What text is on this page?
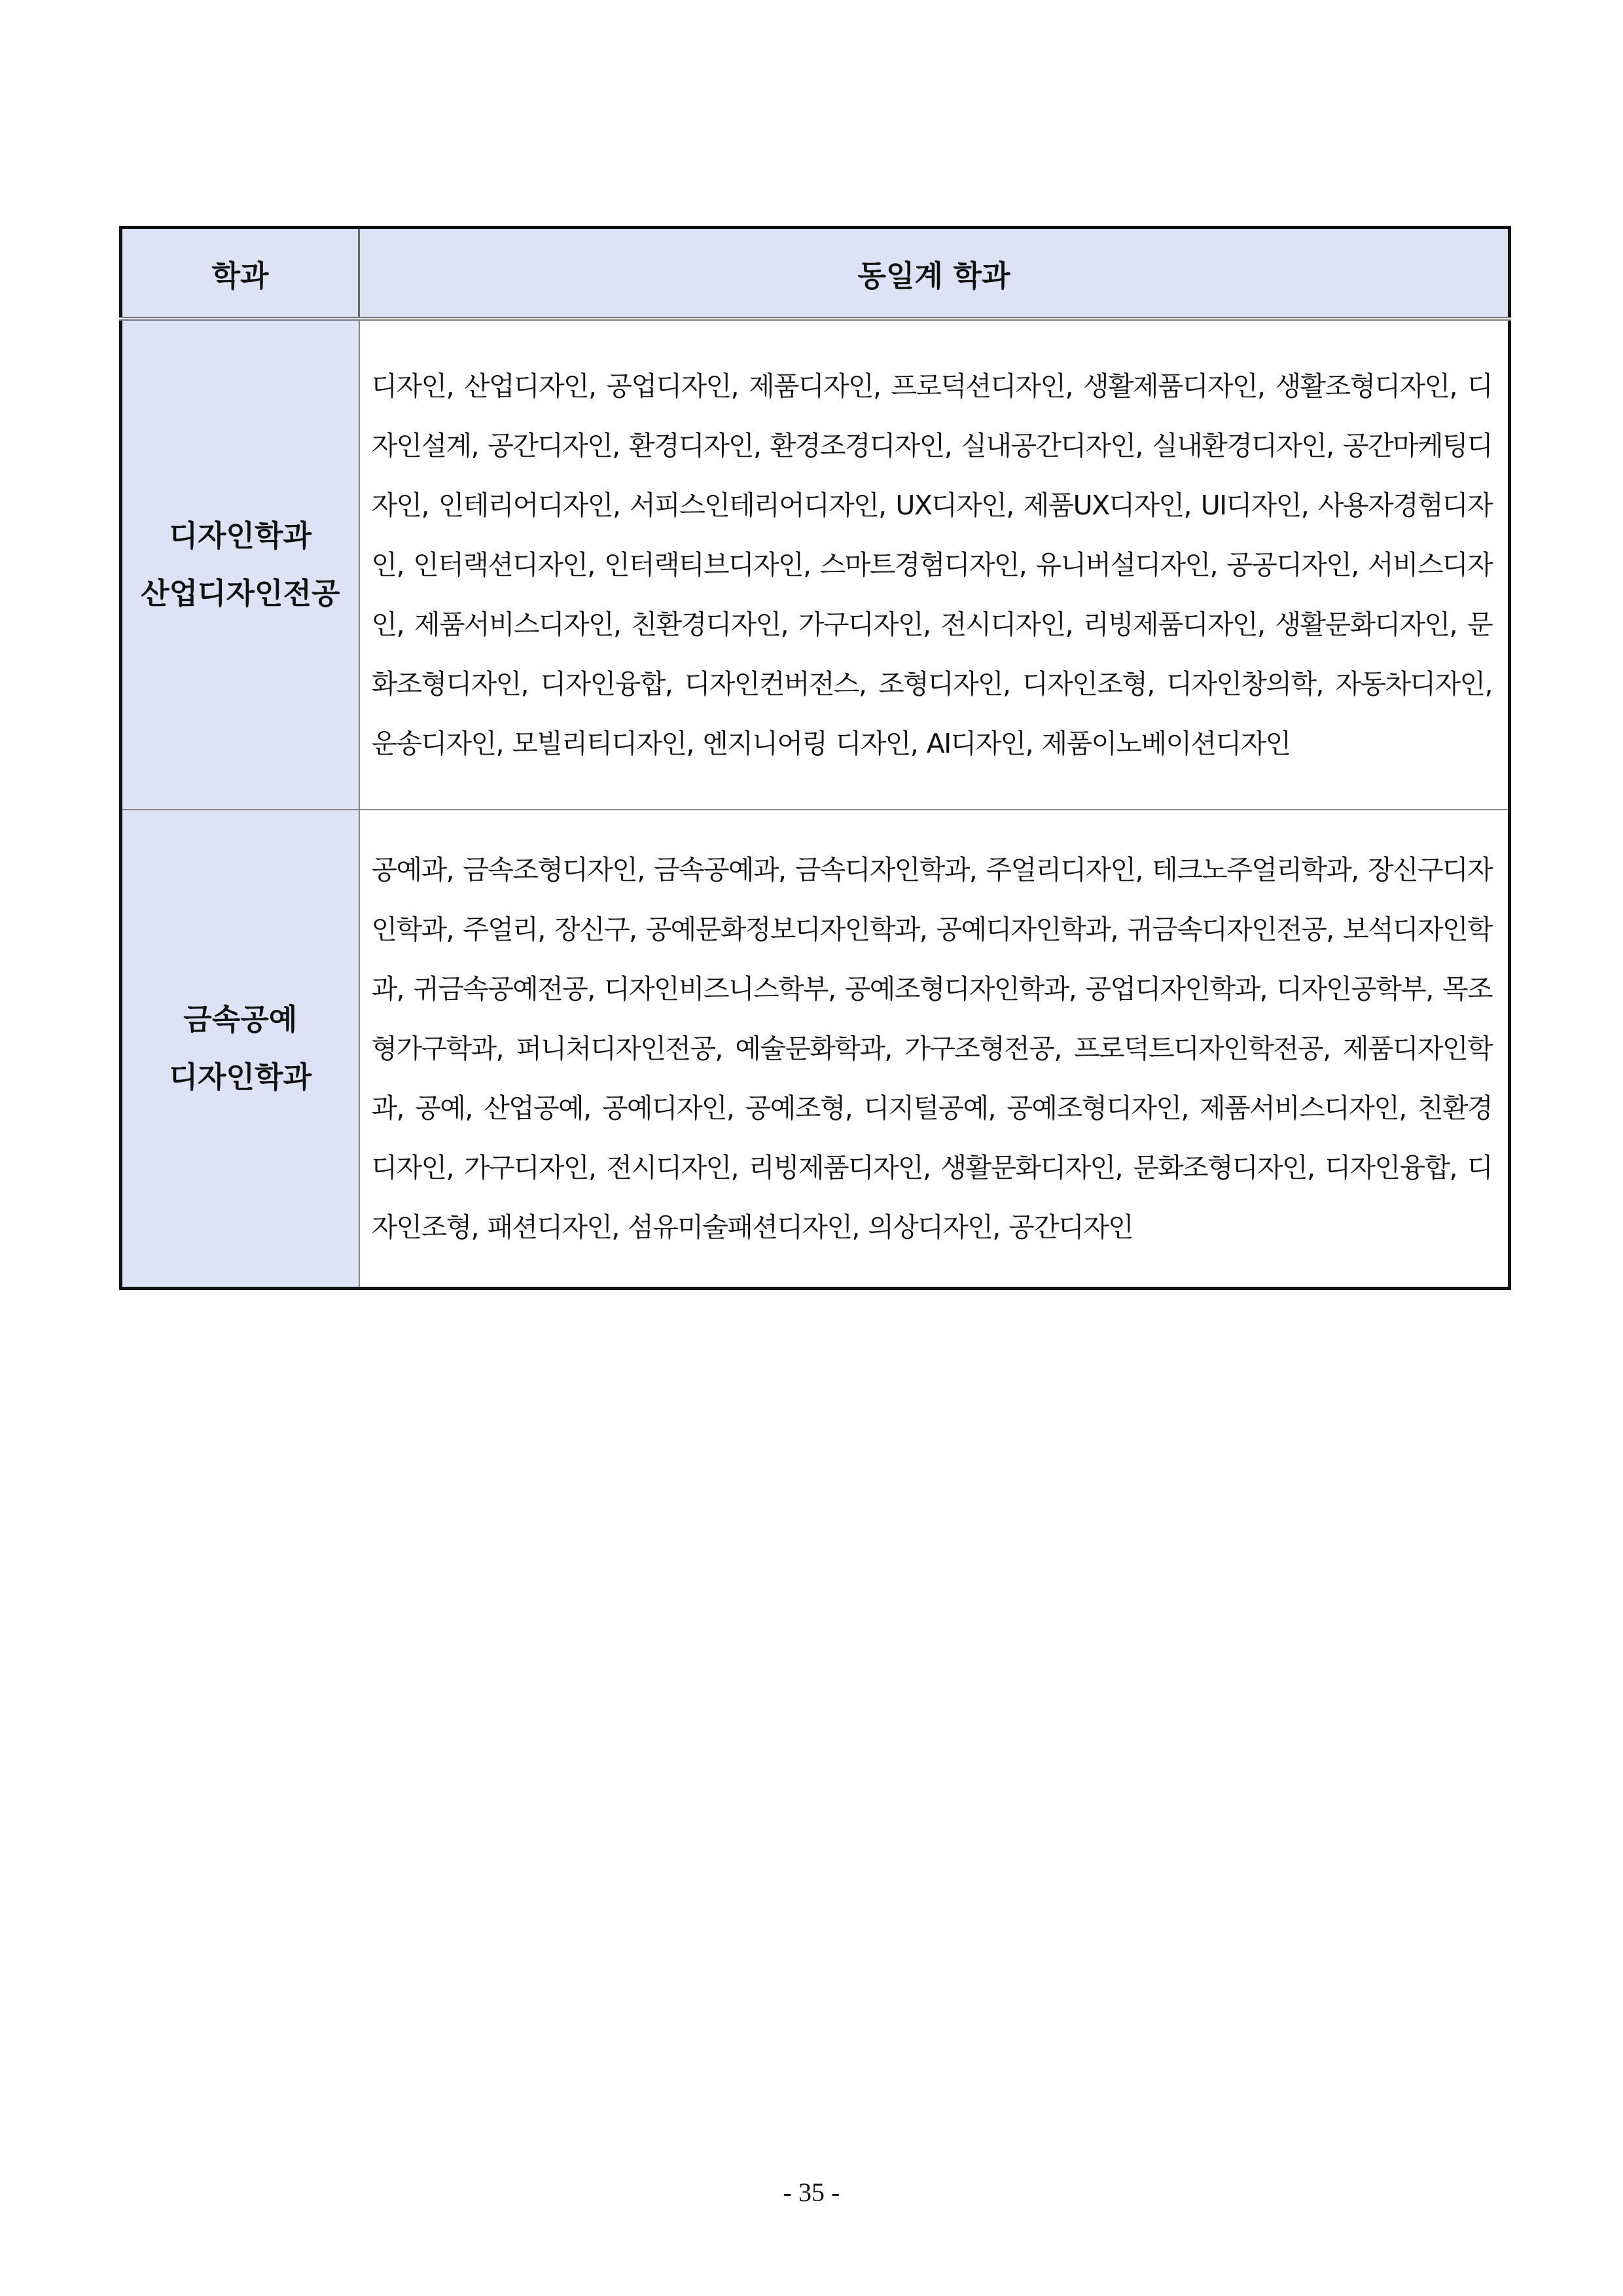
학과	동일계 학과

디자인학과
산업디자인전공	디자인, 산업디자인, 공업디자인, 제품디자인, 프로덕션디자인, 생활제품디자인, 생활조형디자인, 디자인설계, 공간디자인, 환경디자인, 환경조경디자인, 실내공간디자인, 실내환경디자인, 공간마케팅디자인, 인테리어디자인, 서피스인테리어디자인, UX디자인, 제품UX디자인, UI디자인, 사용자경험디자인, 인터랙션디자인, 인터랙티브디자인, 스마트경험디자인, 유니버설디자인, 공공디자인, 서비스디자인, 제품서비스디자인, 친환경디자인, 가구디자인, 전시디자인, 리빙제품디자인, 생활문화디자인, 문화조형디자인, 디자인융합, 디자인컨버전스, 조형디자인, 디자인조형, 디자인창의학, 자동차디자인, 운송디자인, 모빌리티디자인, 엔지니어링 디자인, AI디자인, 제품이노베이션디자인

금속공예
디자인학과	공예과, 금속조형디자인, 금속공예과, 금속디자인학과, 주얼리디자인, 테크노주얼리학과, 장신구디자인학과, 주얼리, 장신구, 공예문화정보디자인학과, 공예디자인학과, 귀금속디자인전공, 보석디자인학과, 귀금속공예전공, 디자인비즈니스학부, 공예조형디자인학과, 공업디자인학과, 디자인공학부, 목조형가구학과, 퍼니처디자인전공, 예술문화학과, 가구조형전공, 프로덕트디자인학전공, 제품디자인학과, 공예, 산업공예, 공예디자인, 공예조형, 디지털공예, 공예조형디자인, 제품서비스디자인, 친환경디자인, 가구디자인, 전시디자인, 리빙제품디자인, 생활문화디자인, 문화조형디자인, 디자인융합, 디자인조형, 패션디자인, 섬유미술패션디자인, 의상디자인, 공간디자인
- 35 -
